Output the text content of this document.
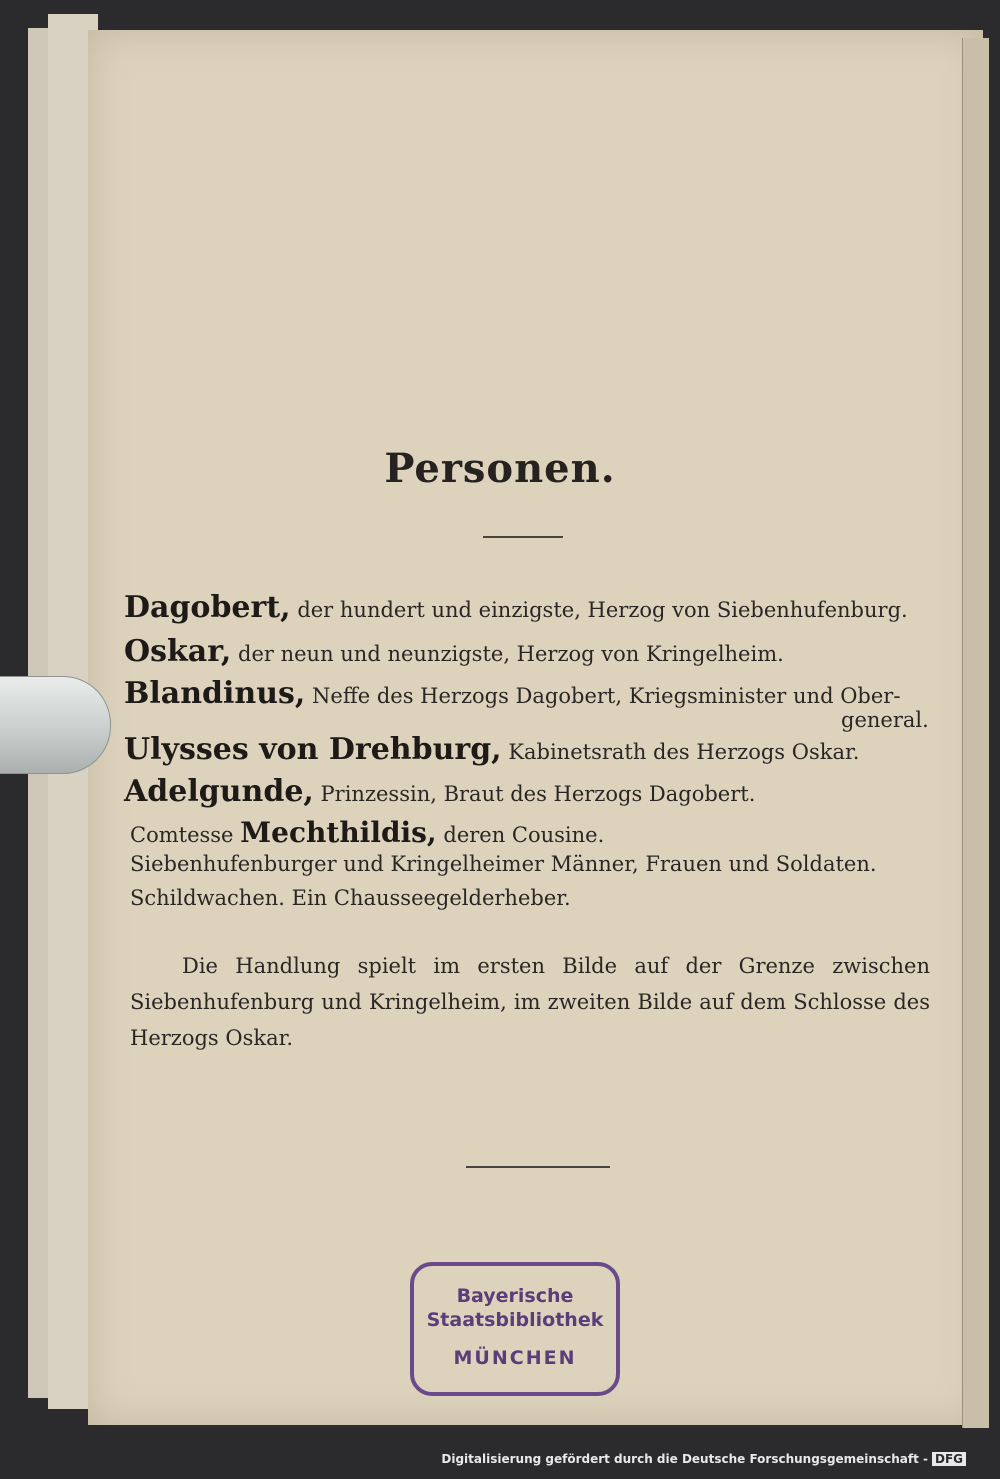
Personen.
Dagobert, der hundert und einzigste, Herzog von Siebenhufenburg.
Oskar, der neun und neunzigste, Herzog von Kringelheim.
Blandinus, Neffe des Herzogs Dagobert, Kriegsminister und Ober-
general.
Ulysses von Drehburg, Kabinetsrath des Herzogs Oskar.
Adelgunde, Prinzessin, Braut des Herzogs Dagobert.
Comtesse Mechthildis, deren Cousine.
Siebenhufenburger und Kringelheimer Männer, Frauen und Soldaten.
Schildwachen. Ein Chausseegelderheber.
Die Handlung spielt im ersten Bilde auf der Grenze zwischen Siebenhufenburg und Kringelheim, im zweiten Bilde auf dem Schlosse des Herzogs Oskar.
Bayerische
Staatsbibliothek
MÜNCHEN
Digitalisierung gefördert durch die Deutsche Forschungsgemeinschaft - DFG
